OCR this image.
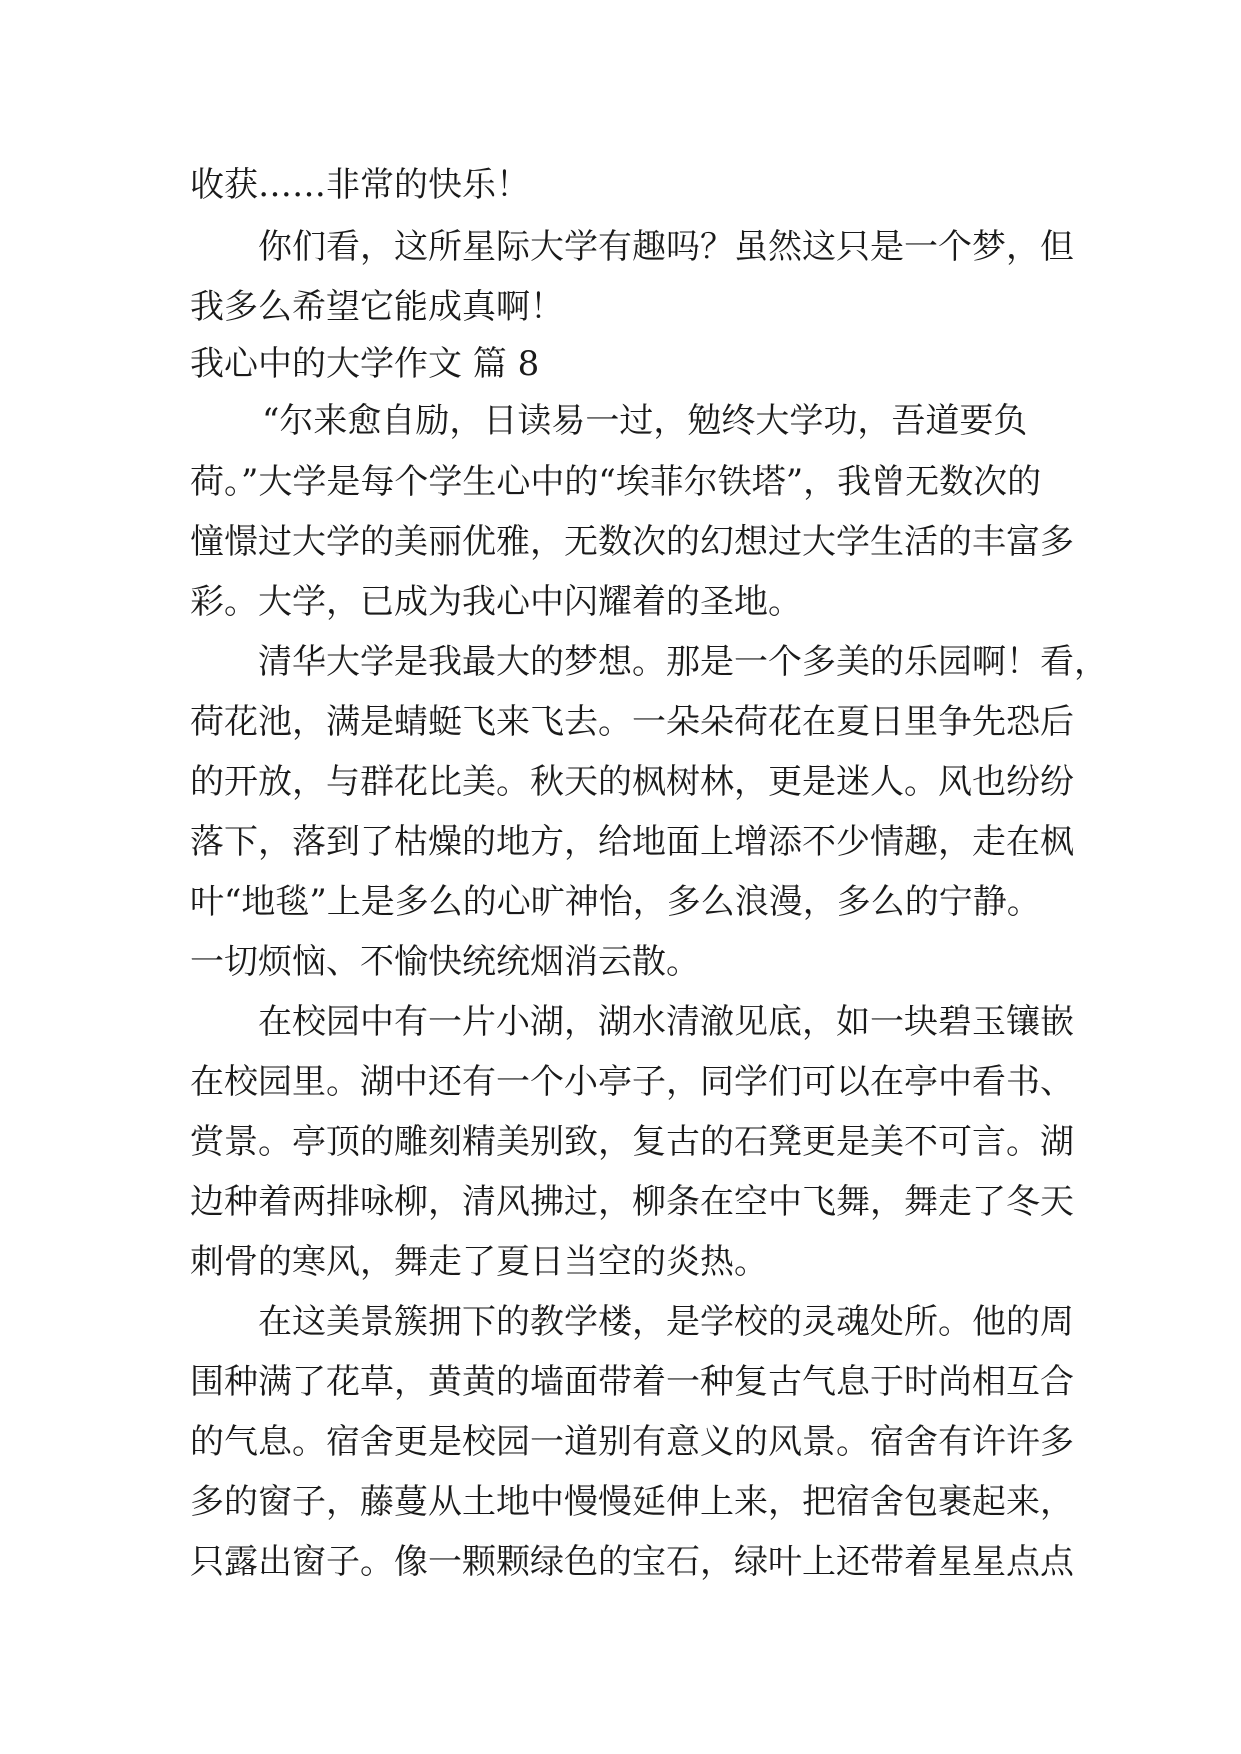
收获……非常的快乐！
你们看，这所星际大学有趣吗？虽然这只是一个梦，但
我多么希望它能成真啊！
我心中的大学作文 篇 8
“尔来愈自励，日读易一过，勉终大学功，吾道要负
荷。”大学是每个学生心中的“埃菲尔铁塔”，我曾无数次的
憧憬过大学的美丽优雅，无数次的幻想过大学生活的丰富多
彩。大学，已成为我心中闪耀着的圣地。
清华大学是我最大的梦想。那是一个多美的乐园啊！看，
荷花池，满是蜻蜓飞来飞去。一朵朵荷花在夏日里争先恐后
的开放，与群花比美。秋天的枫树林，更是迷人。风也纷纷
落下，落到了枯燥的地方，给地面上增添不少情趣，走在枫
叶“地毯”上是多么的心旷神怡，多么浪漫，多么的宁静。
一切烦恼、不愉快统统烟消云散。
在校园中有一片小湖，湖水清澈见底，如一块碧玉镶嵌
在校园里。湖中还有一个小亭子，同学们可以在亭中看书、
赏景。亭顶的雕刻精美别致，复古的石凳更是美不可言。湖
边种着两排咏柳，清风拂过，柳条在空中飞舞，舞走了冬天
刺骨的寒风，舞走了夏日当空的炎热。
在这美景簇拥下的教学楼，是学校的灵魂处所。他的周
围种满了花草，黄黄的墙面带着一种复古气息于时尚相互合
的气息。宿舍更是校园一道别有意义的风景。宿舍有许许多
多的窗子，藤蔓从土地中慢慢延伸上来，把宿舍包裹起来，
只露出窗子。像一颗颗绿色的宝石，绿叶上还带着星星点点
